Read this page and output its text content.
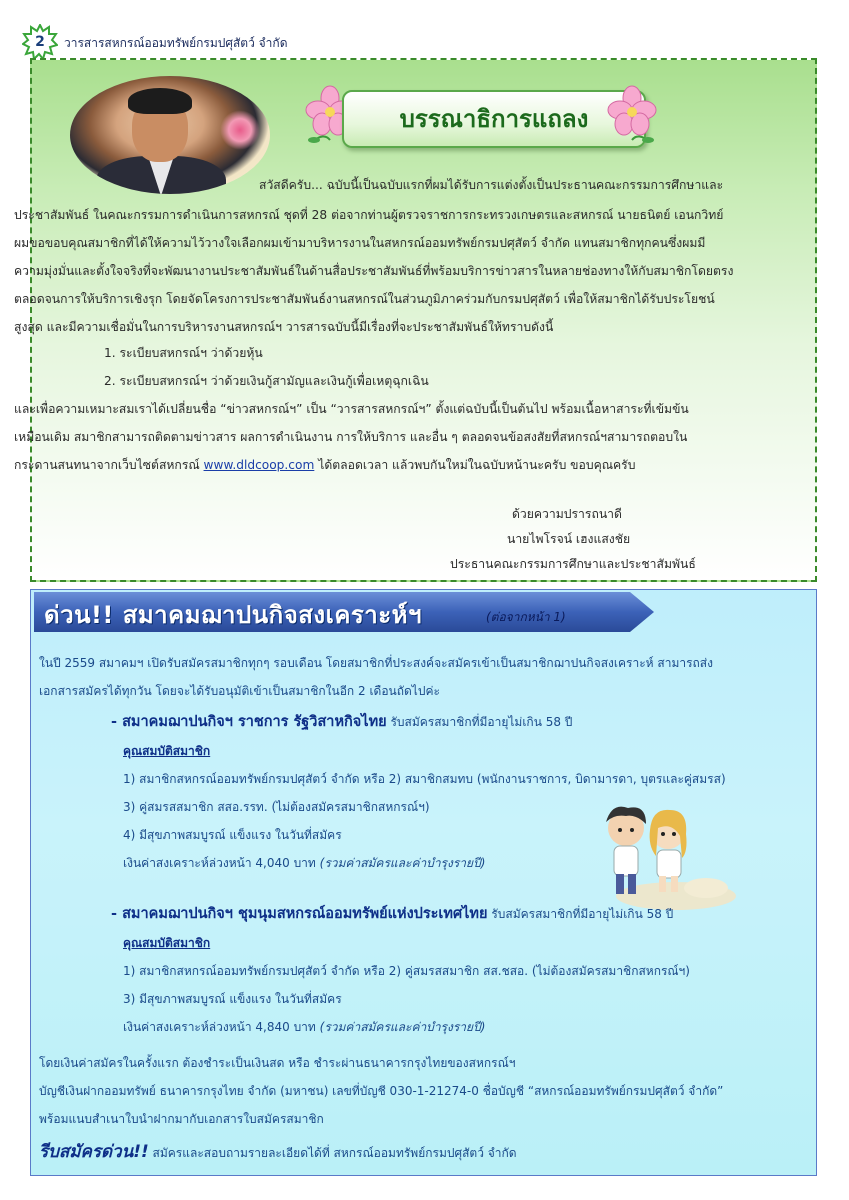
2	วารสารสหกรณ์ออมทรัพย์กรมปศุสัตว์ จำกัด
บรรณาธิการแถลง
สวัสดีครับ... ฉบับนี้เป็นฉบับแรกที่ผมได้รับการแต่งตั้งเป็นประธานคณะกรรมการศึกษาและ
ประชาสัมพันธ์ ในคณะกรรมการดำเนินการสหกรณ์ ชุดที่ 28 ต่อจากท่านผู้ตรวจราชการกระทรวงเกษตรและสหกรณ์ นายธนิตย์ เอนกวิทย์
ผมขอขอบคุณสมาชิกที่ได้ให้ความไว้วางใจเลือกผมเข้ามาบริหารงานในสหกรณ์ออมทรัพย์กรมปศุสัตว์ จำกัด แทนสมาชิกทุกคนซึ่งผมมี
ความมุ่งมั่นและตั้งใจจริงที่จะพัฒนางานประชาสัมพันธ์ในด้านสื่อประชาสัมพันธ์ที่พร้อมบริการข่าวสารในหลายช่องทางให้กับสมาชิกโดยตรง
ตลอดจนการให้บริการเชิงรุก โดยจัดโครงการประชาสัมพันธ์งานสหกรณ์ในส่วนภูมิภาคร่วมกับกรมปศุสัตว์ เพื่อให้สมาชิกได้รับประโยชน์
สูงสุด และมีความเชื่อมั่นในการบริหารงานสหกรณ์ฯ วารสารฉบับนี้มีเรื่องที่จะประชาสัมพันธ์ให้ทราบดังนี้
1. ระเบียบสหกรณ์ฯ ว่าด้วยหุ้น
2. ระเบียบสหกรณ์ฯ ว่าด้วยเงินกู้สามัญและเงินกู้เพื่อเหตุฉุกเฉิน
และเพื่อความเหมาะสมเราได้เปลี่ยนชื่อ “ข่าวสหกรณ์ฯ” เป็น “วารสารสหกรณ์ฯ” ตั้งแต่ฉบับนี้เป็นต้นไป พร้อมเนื้อหาสาระที่เข้มข้น
เหมือนเดิม สมาชิกสามารถติดตามข่าวสาร ผลการดำเนินงาน การให้บริการ และอื่น ๆ ตลอดจนข้อสงสัยที่สหกรณ์ฯสามารถตอบใน
กระดานสนทนาจากเว็บไซต์สหกรณ์ www.dldcoop.com ได้ตลอดเวลา แล้วพบกันใหม่ในฉบับหน้านะครับ ขอบคุณครับ
ด้วยความปรารถนาดี
นายไพโรจน์ เฮงแสงชัย
ประธานคณะกรรมการศึกษาและประชาสัมพันธ์
ด่วน!! สมาคมฌาปนกิจสงเคราะห์ฯ	(ต่อจากหน้า 1)
ในปี 2559 สมาคมฯ เปิดรับสมัครสมาชิกทุกๆ รอบเดือน โดยสมาชิกที่ประสงค์จะสมัครเข้าเป็นสมาชิกฌาปนกิจสงเคราะห์ สามารถส่ง
เอกสารสมัครได้ทุกวัน โดยจะได้รับอนุมัติเข้าเป็นสมาชิกในอีก 2 เดือนถัดไปค่ะ
- สมาคมฌาปนกิจฯ ราชการ รัฐวิสาหกิจไทย รับสมัครสมาชิกที่มีอายุไม่เกิน 58 ปี
คุณสมบัติสมาชิก
1) สมาชิกสหกรณ์ออมทรัพย์กรมปศุสัตว์ จำกัด หรือ 2) สมาชิกสมทบ (พนักงานราชการ, บิดามารดา, บุตรและคู่สมรส)
3) คู่สมรสสมาชิก สสอ.รรท. (ไม่ต้องสมัครสมาชิกสหกรณ์ฯ)
4) มีสุขภาพสมบูรณ์ แข็งแรง ในวันที่สมัคร
เงินค่าสงเคราะห์ล่วงหน้า 4,040 บาท (รวมค่าสมัครและค่าบำรุงรายปี)
- สมาคมฌาปนกิจฯ ชุมนุมสหกรณ์ออมทรัพย์แห่งประเทศไทย รับสมัครสมาชิกที่มีอายุไม่เกิน 58 ปี
คุณสมบัติสมาชิก
1) สมาชิกสหกรณ์ออมทรัพย์กรมปศุสัตว์ จำกัด หรือ 2) คู่สมรสสมาชิก สส.ชสอ. (ไม่ต้องสมัครสมาชิกสหกรณ์ฯ)
3) มีสุขภาพสมบูรณ์ แข็งแรง ในวันที่สมัคร
เงินค่าสงเคราะห์ล่วงหน้า 4,840 บาท (รวมค่าสมัครและค่าบำรุงรายปี)
โดยเงินค่าสมัครในครั้งแรก ต้องชำระเป็นเงินสด หรือ ชำระผ่านธนาคารกรุงไทยของสหกรณ์ฯ
บัญชีเงินฝากออมทรัพย์ ธนาคารกรุงไทย จำกัด (มหาชน) เลขที่บัญชี 030-1-21274-0 ชื่อบัญชี “สหกรณ์ออมทรัพย์กรมปศุสัตว์ จำกัด”
พร้อมแนบสำเนาใบนำฝากมากับเอกสารใบสมัครสมาชิก
รีบสมัครด่วน!! สมัครและสอบถามรายละเอียดได้ที่ สหกรณ์ออมทรัพย์กรมปศุสัตว์ จำกัด
